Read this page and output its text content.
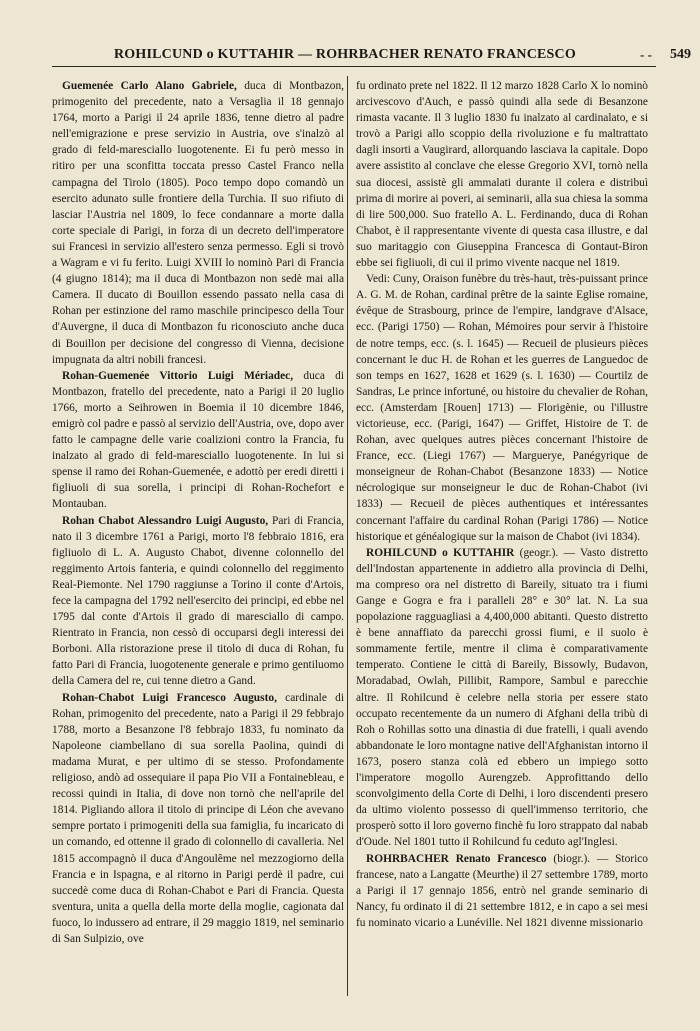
ROHILCUND o KUTTAHIR — ROHRBACHER RENATO FRANCESCO	- - 549

Guemenée Carlo Alano Gabriele, duca di Montbazon, primogenito del precedente, nato a Versaglia il 18 gennajo 1764, morto a Parigi il 24 aprile 1836, tenne dietro al padre nell'emigrazione e prese servizio in Austria, ove s'inalzò al grado di feld-maresciallo luogotenente. Ei fu però messo in ritiro per una sconfitta toccata presso Castel Franco nella campagna del Tirolo (1805). Poco tempo dopo comandò un esercito adunato sulle frontiere della Turchia. Il suo rifiuto di lasciar l'Austria nel 1809, lo fece condannare a morte dalla corte speciale di Parigi, in forza di un decreto dell'imperatore sui Francesi in servizio all'estero senza permesso. Egli si trovò a Wagram e vi fu ferito. Luigi XVIII lo nominò Pari di Francia (4 giugno 1814); ma il duca di Montbazon non sedè mai alla Camera. Il ducato di Bouillon essendo passato nella casa di Rohan per estinzione del ramo maschile principesco della Tour d'Auvergne, il duca di Montbazon fu riconosciuto anche duca di Bouillon per decisione del congresso di Vienna, decisione impugnata da altri nobili francesi.

Rohan-Guemenée Vittorio Luigi Mériadec, duca di Montbazon, fratello del precedente, nato a Parigi il 20 luglio 1766, morto a Seihrowen in Boemia il 10 dicembre 1846, emigrò col padre e passò al servizio dell'Austria, ove, dopo aver fatto le campagne delle varie coalizioni contro la Francia, fu inalzato al grado di feld-maresciallo luogotenente. In lui si spense il ramo dei Rohan-Guemenée, e adottò per eredi diretti i figliuoli di sua sorella, i principi di Rohan-Rochefort e Montauban.

Rohan Chabot Alessandro Luigi Augusto, Pari di Francia, nato il 3 dicembre 1761 a Parigi, morto l'8 febbraio 1816, era figliuolo di L. A. Augusto Chabot, divenne colonnello del reggimento Artois fanteria, e quindi colonnello del reggimento Real-Piemonte. Nel 1790 raggiunse a Torino il conte d'Artois, fece la campagna del 1792 nell'esercito dei principi, ed ebbe nel 1795 dal conte d'Artois il grado di maresciallo di campo. Rientrato in Francia, non cessò di occuparsi degli interessi dei Borboni. Alla ristorazione prese il titolo di duca di Rohan, fu fatto Pari di Francia, luogotenente generale e primo gentiluomo della Camera del re, cui tenne dietro a Gand.

Rohan-Chabot Luigi Francesco Augusto, cardinale di Rohan, primogenito del precedente, nato a Parigi il 29 febbrajo 1788, morto a Besanzone l'8 febbrajo 1833, fu nominato da Napoleone ciambellano di sua sorella Paolina, quindi di madama Murat, e per ultimo di se stesso. Profondamente religioso, andò ad ossequiare il papa Pio VII a Fontainebleau, e recossi quindi in Italia, di dove non tornò che nell'aprile del 1814. Pigliando allora il titolo di principe di Léon che avevano sempre portato i primogeniti della sua famiglia, fu incaricato di un comando, ed ottenne il grado di colonnello di cavalleria. Nel 1815 accompagnò il duca d'Angoulême nel mezzogiorno della Francia e in Ispagna, e al ritorno in Parigi perdè il padre, cui succedè come duca di Rohan-Chabot e Pari di Francia. Questa sventura, unita a quella della morte della moglie, cagionata dal fuoco, lo indussero ad entrare, il 29 maggio 1819, nel seminario di San Sulpizio, ove

fu ordinato prete nel 1822. Il 12 marzo 1828 Carlo X lo nominò arcivescovo d'Auch, e passò quindi alla sede di Besanzone rimasta vacante. Il 3 luglio 1830 fu inalzato al cardinalato, e si trovò a Parigi allo scoppio della rivoluzione e fu maltrattato dagli insorti a Vaugirard, allorquando lasciava la capitale. Dopo avere assistito al conclave che elesse Gregorio XVI, tornò nella sua diocesi, assistè gli ammalati durante il colera e distribuì prima di morire ai poveri, ai seminarii, alla sua chiesa la somma di lire 500,000. Suo fratello A. L. Ferdinando, duca di Rohan Chabot, è il rappresentante vivente di questa casa illustre, e dal suo maritaggio con Giuseppina Francesca di Gontaut-Biron ebbe sei figliuoli, di cui il primo vivente nacque nel 1819.

Vedi: Cuny, Oraison funèbre du très-haut, très-puissant prince A. G. M. de Rohan, cardinal prêtre de la sainte Eglise romaine, évêque de Strasbourg, prince de l'empire, landgrave d'Alsace, ecc. (Parigi 1750) — Rohan, Mémoires pour servir à l'histoire de notre temps, ecc. (s. l. 1645) — Recueil de plusieurs pièces concernant le duc H. de Rohan et les guerres de Languedoc de son temps en 1627, 1628 et 1629 (s. l. 1630) — Courtilz de Sandras, Le prince infortuné, ou histoire du chevalier de Rohan, ecc. (Amsterdam [Rouen] 1713) — Florigènie, ou l'illustre victorieuse, ecc. (Parigi, 1647) — Griffet, Histoire de T. de Rohan, avec quelques autres pièces concernant l'histoire de France, ecc. (Liegi 1767) — Marguerye, Panégyrique de monseigneur de Rohan-Chabot (Besanzone 1833) — Notice nécrologique sur monseigneur le duc de Rohan-Chabot (ivi 1833) — Recueil de pièces authentiques et intéressantes concernant l'affaire du cardinal Rohan (Parigi 1786) — Notice historique et généalogique sur la maison de Chabot (ivi 1834).

ROHILCUND o KUTTAHIR (geogr.). — Vasto distretto dell'Indostan appartenente in addietro alla provincia di Delhi, ma compreso ora nel distretto di Bareily, situato tra i fiumi Gange e Gogra e fra i paralleli 28° e 30° lat. N. La sua popolazione ragguagliasi a 4,400,000 abitanti. Questo distretto è bene annaffiato da parecchi grossi fiumi, e il suolo è sommamente fertile, mentre il clima è comparativamente temperato. Contiene le città di Bareily, Bissowly, Budavon, Moradabad, Owlah, Pillibit, Rampore, Sambul e parecchie altre. Il Rohilcund è celebre nella storia per essere stato occupato recentemente da un numero di Afghani della tribù di Roh o Rohillas sotto una dinastia di due fratelli, i quali avendo abbandonate le loro montagne native dell'Afghanistan intorno il 1673, posero stanza colà ed ebbero un impiego sotto l'imperatore mogollo Aurengzeb. Approfittando dello sconvolgimento della Corte di Delhi, i loro discendenti presero da ultimo violento possesso di quell'immenso territorio, che prosperò sotto il loro governo finchè fu loro strappato dal nabab d'Oude. Nel 1801 tutto il Rohilcund fu ceduto agl'Inglesi.

ROHRBACHER Renato Francesco (biogr.). — Storico francese, nato a Langatte (Meurthe) il 27 settembre 1789, morto a Parigi il 17 gennajo 1856, entrò nel grande seminario di Nancy, fu ordinato il di 21 settembre 1812, e in capo a sei mesi fu nominato vicario a Lunéville. Nel 1821 divenne missionario
